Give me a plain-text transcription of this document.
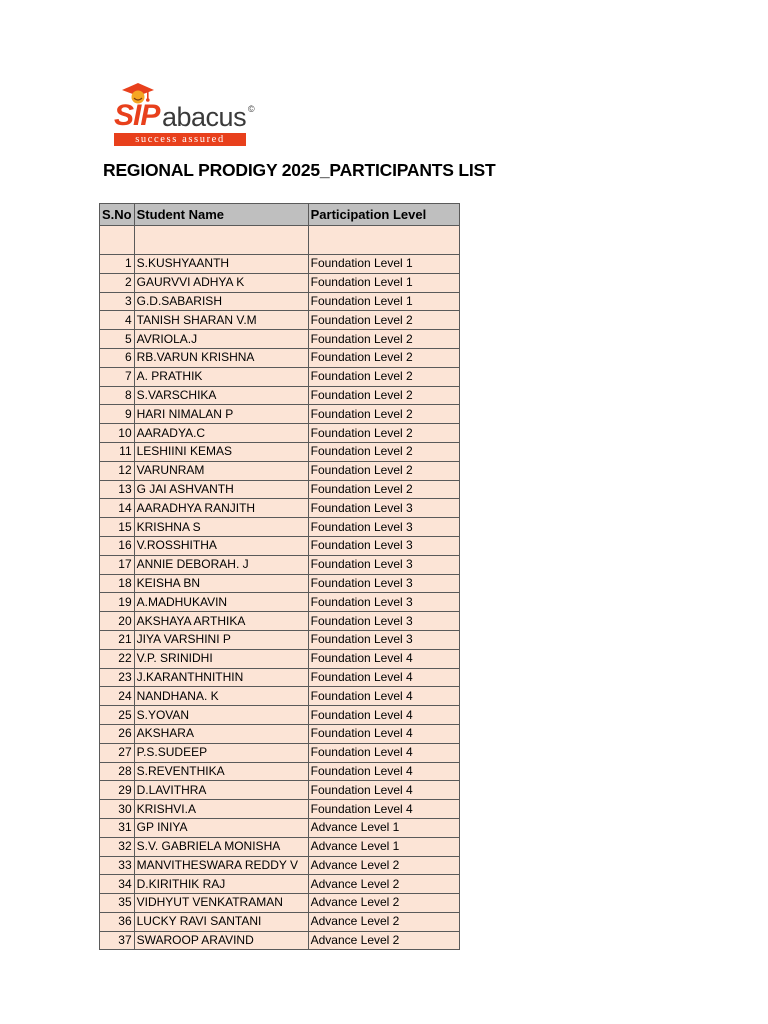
SIP abacus ©
success assured
REGIONAL PRODIGY 2025_PARTICIPANTS LIST
S.No	Student Name	Participation Level

1	S.KUSHYAANTH	Foundation Level 1
2	GAURVVI ADHYA K	Foundation Level 1
3	G.D.SABARISH	Foundation Level 1
4	TANISH SHARAN V.M	Foundation Level 2
5	AVRIOLA.J	Foundation Level 2
6	RB.VARUN KRISHNA	Foundation Level 2
7	A. PRATHIK	Foundation Level 2
8	S.VARSCHIKA	Foundation Level 2
9	HARI NIMALAN P	Foundation Level 2
10	AARADYA.C	Foundation Level 2
11	LESHIINI KEMAS	Foundation Level 2
12	VARUNRAM	Foundation Level 2
13	G JAI ASHVANTH	Foundation Level 2
14	AARADHYA RANJITH	Foundation Level 3
15	KRISHNA S	Foundation Level 3
16	V.ROSSHITHA	Foundation Level 3
17	ANNIE DEBORAH. J	Foundation Level 3
18	KEISHA BN	Foundation Level 3
19	A.MADHUKAVIN	Foundation Level 3
20	AKSHAYA ARTHIKA	Foundation Level 3
21	JIYA VARSHINI P	Foundation Level 3
22	V.P. SRINIDHI	Foundation Level 4
23	J.KARANTHNITHIN	Foundation Level 4
24	NANDHANA. K	Foundation Level 4
25	S.YOVAN	Foundation Level 4
26	AKSHARA	Foundation Level 4
27	P.S.SUDEEP	Foundation Level 4
28	S.REVENTHIKA	Foundation Level 4
29	D.LAVITHRA	Foundation Level 4
30	KRISHVI.A	Foundation Level 4
31	GP INIYA	Advance Level 1
32	S.V. GABRIELA MONISHA	Advance Level 1
33	MANVITHESWARA REDDY V	Advance Level 2
34	D.KIRITHIK RAJ	Advance Level 2
35	VIDHYUT VENKATRAMAN	Advance Level 2
36	LUCKY RAVI SANTANI	Advance Level 2
37	SWAROOP ARAVIND	Advance Level 2
